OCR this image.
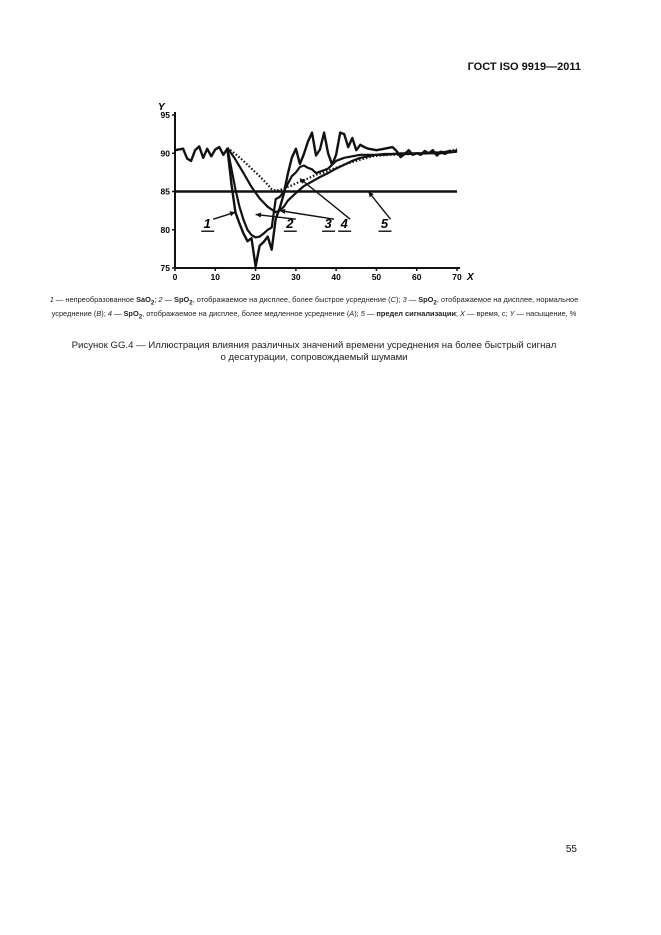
ГОСТ ISO 9919—2011
X
Y
0	10	20	30	40	50	60	70
95
90
85
80
75
1	2 3 4	5
1 — непреобразованное SaO$_2$; 2 — SpO$_2$, отображаемое на дисплее, более быстрое усреднение (С); 3 — SpO$_2$, отображаемое на дисплее, нормальное усреднение (В); 4 — SpO$_2$, отображаемое на дисплее, более медленное усреднение (А); 5 — предел сигнализации; X — время, с; Y — насыщение, %
Рисунок GG.4 — Иллюстрация влияния различных значений времени усреднения на более быстрый сигнал
о десатурации, сопровождаемый шумами
55
